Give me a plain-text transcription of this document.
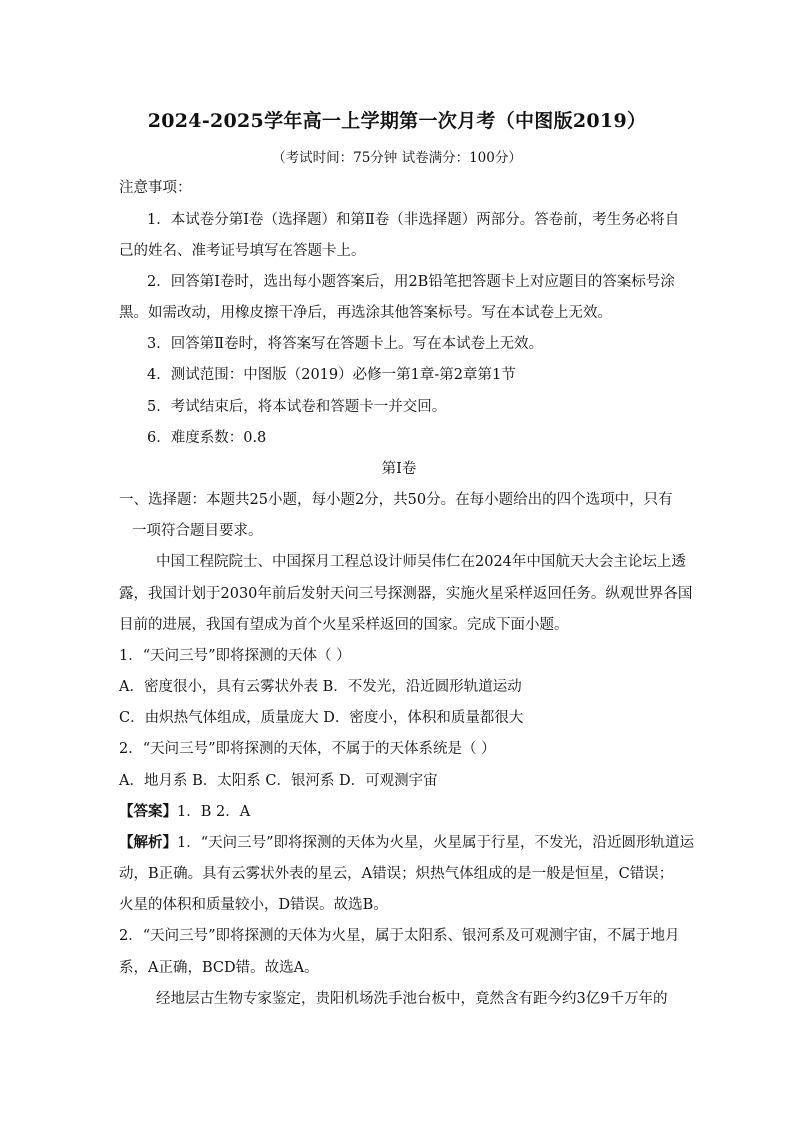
2024-2025学年高一上学期第一次月考（中图版2019）
（考试时间：75分钟 试卷满分：100分）
注意事项：
1．本试卷分第Ⅰ卷（选择题）和第Ⅱ卷（非选择题）两部分。答卷前，考生务必将自
己的姓名、准考证号填写在答题卡上。
2．回答第Ⅰ卷时，选出每小题答案后，用2B铅笔把答题卡上对应题目的答案标号涂
黑。如需改动，用橡皮擦干净后，再选涂其他答案标号。写在本试卷上无效。
3．回答第Ⅱ卷时，将答案写在答题卡上。写在本试卷上无效。
4．测试范围：中图版（2019）必修一第1章-第2章第1节
5．考试结束后，将本试卷和答题卡一并交回。
6．难度系数：0.8
第Ⅰ卷
一、选择题：本题共25小题，每小题2分，共50分。在每小题给出的四个选项中，只有
一项符合题目要求。
中国工程院院士、中国探月工程总设计师吴伟仁在2024年中国航天大会主论坛上透
露，我国计划于2030年前后发射天问三号探测器，实施火星采样返回任务。纵观世界各国
目前的进展，我国有望成为首个火星采样返回的国家。完成下面小题。
1．“天问三号”即将探测的天体（ ）
A．密度很小，具有云雾状外表 B．不发光，沿近圆形轨道运动
C．由炽热气体组成，质量庞大 D．密度小，体积和质量都很大
2．“天问三号”即将探测的天体，不属于的天体系统是（ ）
A．地月系 B．太阳系 C．银河系 D．可观测宇宙
【答案】1．B 2．A
【解析】1．“天问三号”即将探测的天体为火星，火星属于行星，不发光，沿近圆形轨道运
动，B正确。具有云雾状外表的星云，A错误；炽热气体组成的是一般是恒星，C错误；
火星的体积和质量较小，D错误。故选B。
2．“天问三号”即将探测的天体为火星，属于太阳系、银河系及可观测宇宙，不属于地月
系，A正确，BCD错。故选A。
经地层古生物专家鉴定，贵阳机场洗手池台板中，竟然含有距今约3亿9千万年的
